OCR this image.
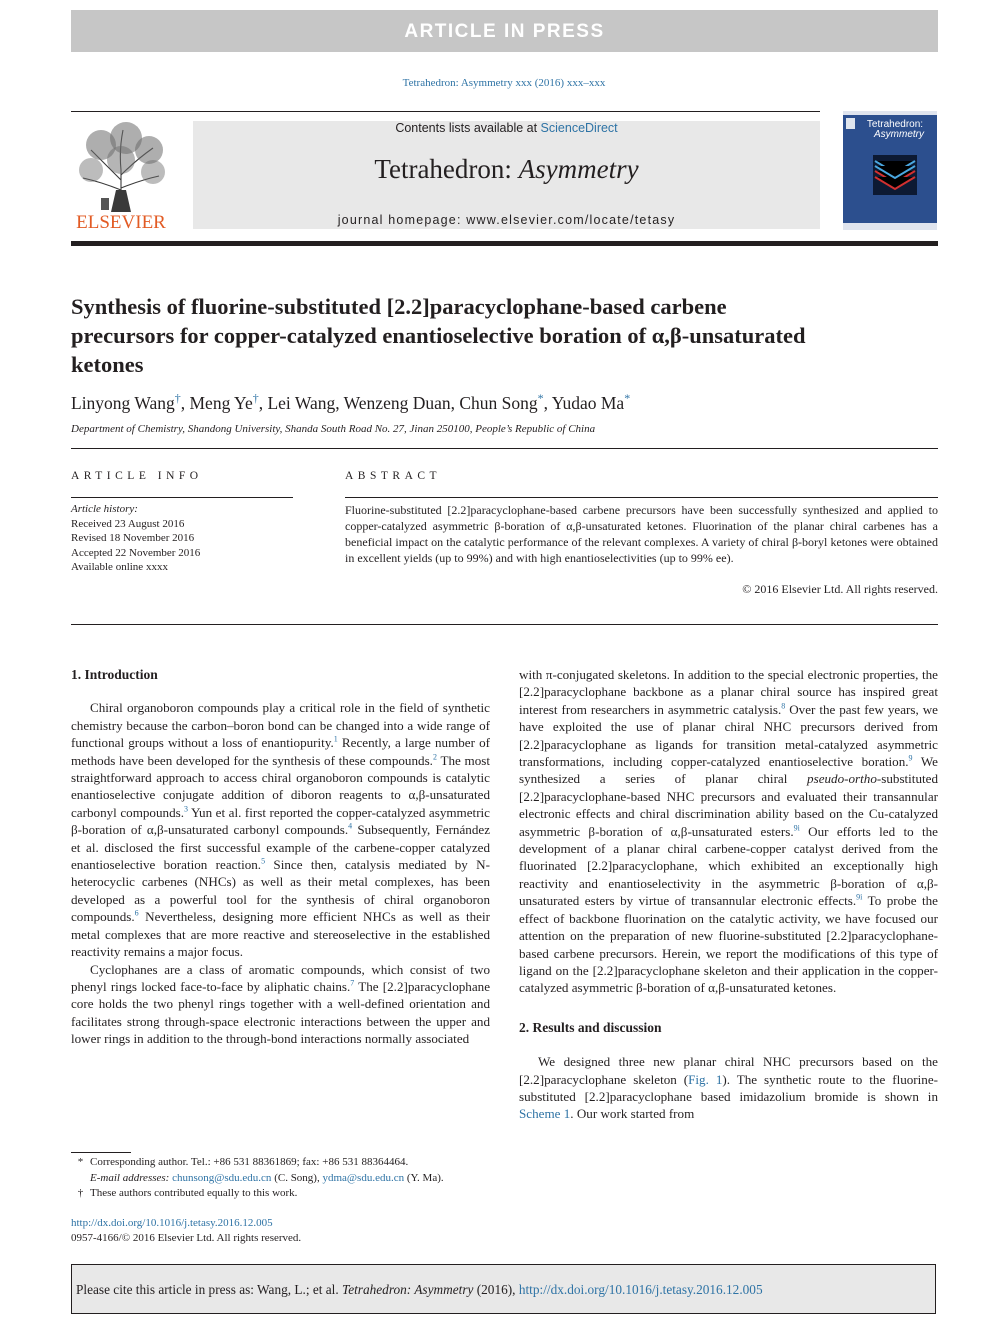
ARTICLE IN PRESS
Tetrahedron: Asymmetry xxx (2016) xxx–xxx
ELSEVIER
Contents lists available at ScienceDirect
Tetrahedron: Asymmetry
journal homepage: www.elsevier.com/locate/tetasy
Tetrahedron:
Asymmetry
Synthesis of fluorine-substituted [2.2]paracyclophane-based carbene precursors for copper-catalyzed enantioselective boration of α,β-unsaturated ketones
Linyong Wang†, Meng Ye†, Lei Wang, Wenzeng Duan, Chun Song*, Yudao Ma*
Department of Chemistry, Shandong University, Shanda South Road No. 27, Jinan 250100, People’s Republic of China
ARTICLE INFO	ABSTRACT
Article history:
Received 23 August 2016
Revised 18 November 2016
Accepted 22 November 2016
Available online xxxx
Fluorine-substituted [2.2]paracyclophane-based carbene precursors have been successfully synthesized and applied to copper-catalyzed asymmetric β-boration of α,β-unsaturated ketones. Fluorination of the planar chiral carbenes has a beneficial impact on the catalytic performance of the relevant complexes. A variety of chiral β-boryl ketones were obtained in excellent yields (up to 99%) and with high enantioselectivities (up to 99% ee).
© 2016 Elsevier Ltd. All rights reserved.
1. Introduction

Chiral organoboron compounds play a critical role in the field of synthetic chemistry because the carbon–boron bond can be changed into a wide range of functional groups without a loss of enantiopurity.$^1$ Recently, a large number of methods have been developed for the synthesis of these compounds.$^2$ The most straightforward approach to access chiral organoboron compounds is catalytic enantioselective conjugate addition of diboron reagents to α,β-unsaturated carbonyl compounds.$^3$ Yun et al. first reported the copper-catalyzed asymmetric β-boration of α,β-unsaturated carbonyl compounds.$^4$ Subsequently, Fernández et al. disclosed the first successful example of the carbene-copper catalyzed enantioselective boration reaction.$^5$ Since then, catalysis mediated by N-heterocyclic carbenes (NHCs) as well as their metal complexes, has been developed as a powerful tool for the synthesis of chiral organoboron compounds.$^6$ Nevertheless, designing more efficient NHCs as well as their metal complexes that are more reactive and stereoselective in the established reactivity remains a major focus.

Cyclophanes are a class of aromatic compounds, which consist of two phenyl rings locked face-to-face by aliphatic chains.$^7$ The [2.2]paracyclophane core holds the two phenyl rings together with a well-defined orientation and facilitates strong through-space electronic interactions between the upper and lower rings in addition to the through-bond interactions normally associated

with π-conjugated skeletons. In addition to the special electronic properties, the [2.2]paracyclophane backbone as a planar chiral source has inspired great interest from researchers in asymmetric catalysis.$^8$ Over the past few years, we have exploited the use of planar chiral NHC precursors derived from [2.2]paracyclophane as ligands for transition metal-catalyzed asymmetric transformations, including copper-catalyzed enantioselective boration.$^9$ We synthesized a series of planar chiral pseudo-ortho-substituted [2.2]paracyclophane-based NHC precursors and evaluated their transannular electronic effects and chiral discrimination ability based on the Cu-catalyzed asymmetric β-boration of α,β-unsaturated esters.$^{9i}$ Our efforts led to the development of a planar chiral carbene-copper catalyst derived from the fluorinated [2.2]paracyclophane, which exhibited an exceptionally high reactivity and enantioselectivity in the asymmetric β-boration of α,β-unsaturated esters by virtue of transannular electronic effects.$^{9i}$ To probe the effect of backbone fluorination on the catalytic activity, we have focused our attention on the preparation of new fluorine-substituted [2.2]paracyclophane-based carbene precursors. Herein, we report the modifications of this type of ligand on the [2.2]paracyclophane skeleton and their application in the copper-catalyzed asymmetric β-boration of α,β-unsaturated ketones.

2. Results and discussion

We designed three new planar chiral NHC precursors based on the [2.2]paracyclophane skeleton (Fig. 1). The synthetic route to the fluorine-substituted [2.2]paracyclophane based imidazolium bromide is shown in Scheme 1. Our work started from

* Corresponding author. Tel.: +86 531 88361869; fax: +86 531 88364464.
E-mail addresses: chunsong@sdu.edu.cn (C. Song), ydma@sdu.edu.cn (Y. Ma).
† These authors contributed equally to this work.
http://dx.doi.org/10.1016/j.tetasy.2016.12.005
0957-4166/© 2016 Elsevier Ltd. All rights reserved.
Please cite this article in press as: Wang, L.; et al. Tetrahedron: Asymmetry (2016), http://dx.doi.org/10.1016/j.tetasy.2016.12.005
